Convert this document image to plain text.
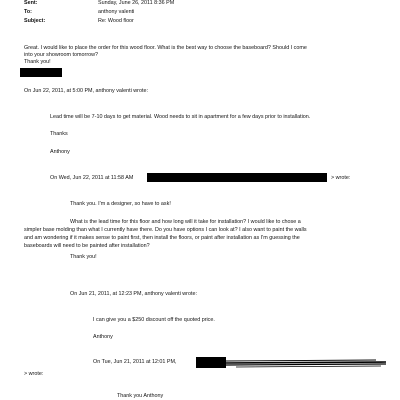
Sent:	Sunday, June 26, 2011 8:36 PM
To:	anthony valenti
Subject:	Re: Wood floor
Great. I would like to place the order for this wood floor. What is the best way to choose the baseboard? Should I come
into your showroom tomorrow?
Thank you!
On Jun 22, 2011, at 5:00 PM, anthony valenti wrote:
Lead time will be 7-10 days to get material. Wood needs to sit in apartment for a few days prior to installation.
Thanks
Anthony
On Wed, Jun 22, 2011 at 11:58 AM	> wrote:
Thank you. I'm a designer, so have to ask!
What is the lead time for this floor and how long will it take for installation? I would like to chose a
simpler base molding than what I currently have there. Do you have options I can look at? I also want to paint the walls
and am wondering if it makes sense to paint first, then install the floors, or paint after installation as I'm guessing the
baseboards will need to be painted after installation?
Thank you!
On Jun 21, 2011, at 12:23 PM, anthony valenti wrote:
I can give you a $250 discount off the quoted price.
Anthony
On Tue, Jun 21, 2011 at 12:01 PM,
> wrote:
Thank you Anthony
